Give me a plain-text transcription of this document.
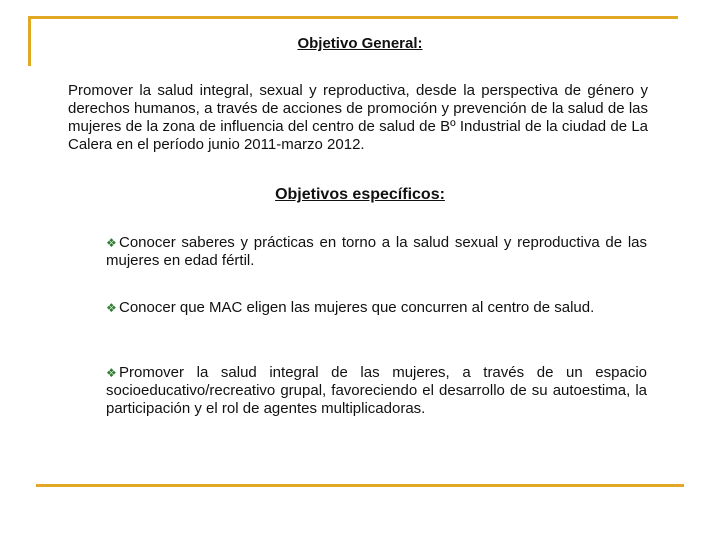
Objetivo General:

Promover la salud integral, sexual y reproductiva, desde la perspectiva de género y derechos humanos, a través de acciones de promoción y prevención de la salud de las mujeres de la zona de influencia del centro de salud de Bº Industrial de la ciudad de La Calera en el período junio 2011-marzo 2012.

Objetivos específicos:

❖ Conocer saberes y prácticas en torno a la salud sexual y reproductiva de las mujeres en edad fértil.

❖ Conocer que MAC eligen las mujeres que concurren al centro de salud.

❖ Promover la salud integral de las mujeres, a través de un espacio socioeducativo/recreativo grupal, favoreciendo el desarrollo de su autoestima, la participación y el rol de agentes multiplicadoras.
